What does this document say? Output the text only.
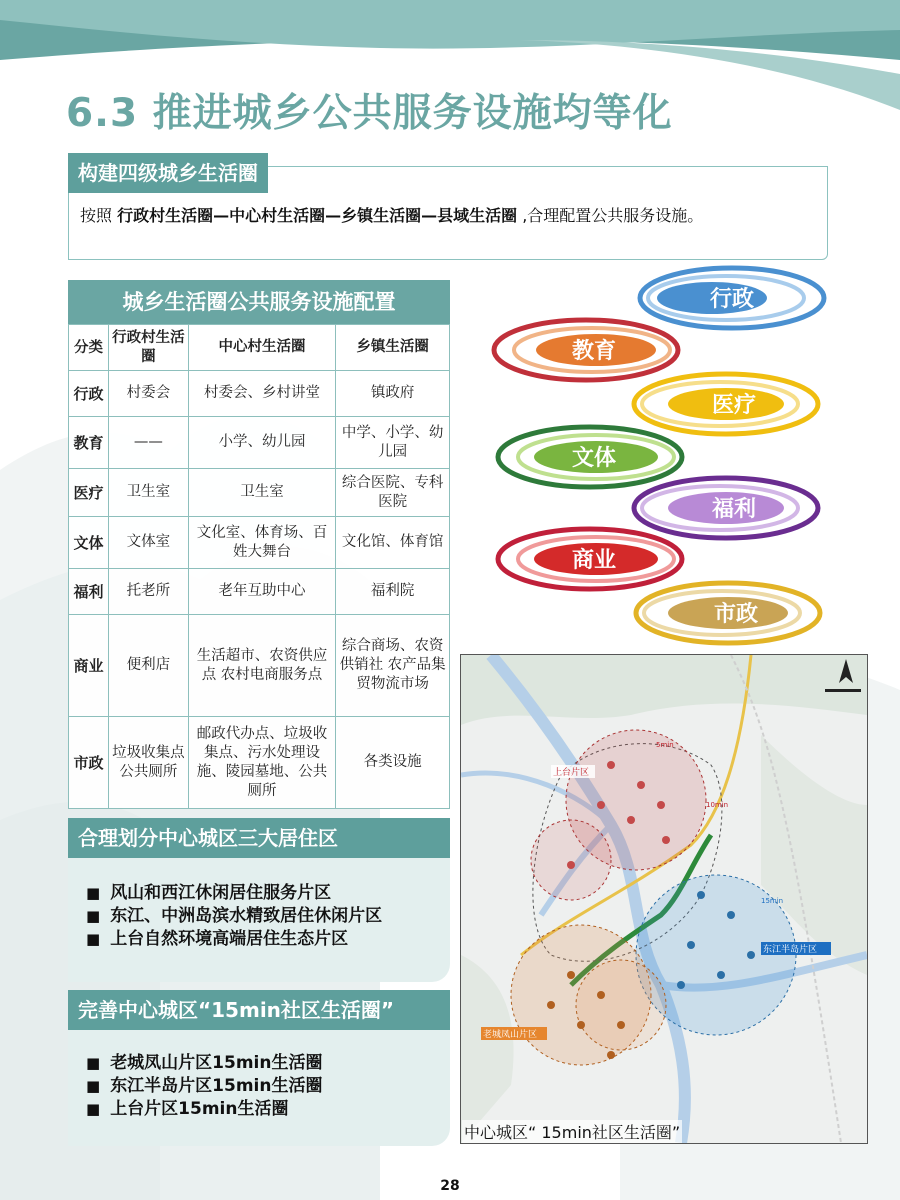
6.3 推进城乡公共服务设施均等化
构建四级城乡生活圈
按照 行政村生活圈—中心村生活圈—乡镇生活圈—县域生活圈 ,合理配置公共服务设施。
城乡生活圈公共服务设施配置
分类	行政村生活圈	中心村生活圈	乡镇生活圈
行政	村委会	村委会、乡村讲堂	镇政府
教育	——	小学、幼儿园	中学、小学、幼儿园
医疗	卫生室	卫生室	综合医院、专科医院
文体	文体室	文化室、体育场、百姓大舞台	文化馆、体育馆
福利	托老所	老年互助中心	福利院
商业	便利店	生活超市、农资供应点 农村电商服务点	综合商场、农资供销社 农产品集贸物流市场
市政	垃圾收集点 公共厕所	邮政代办点、垃圾收集点、污水处理设施、陵园墓地、公共厕所	各类设施
行政
教育
医疗
文体
福利
商业
市政
合理划分中心城区三大居住区
■ 风山和西江休闲居住服务片区
■ 东江、中洲岛滨水精致居住休闲片区
■ 上台自然环境高端居住生态片区
完善中心城区“15min社区生活圈”
■ 老城凤山片区15min生活圈
■ 东江半岛片区15min生活圈
■ 上台片区15min生活圈
上台片区
东江半岛片区
老城凤山片区
5min
10min
15min
中心城区“ 15min社区生活圈”
28
